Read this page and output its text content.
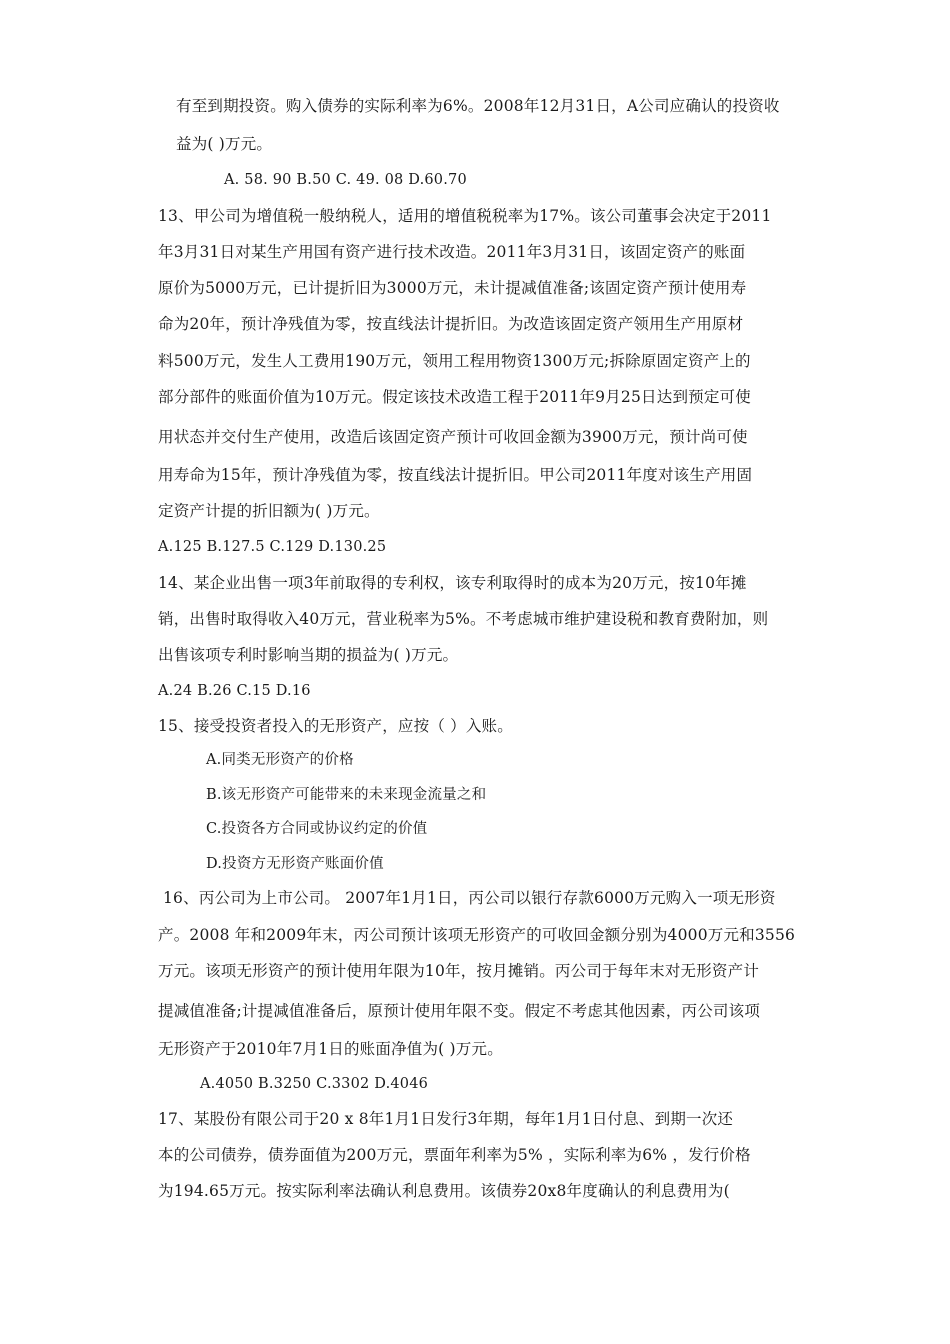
有至到期投资。购入债券的实际利率为6%。2008年12月31日，A公司应确认的投资收
益为( )万元。
A. 58. 90 B.50 C. 49. 08 D.60.70
13、甲公司为增值税一般纳税人，适用的增值税税率为17%。该公司董事会决定于2011
年3月31日对某生产用国有资产进行技术改造。2011年3月31日，该固定资产的账面
原价为5000万元，已计提折旧为3000万元，未计提减值准备;该固定资产预计使用寿
命为20年，预计净残值为零，按直线法计提折旧。为改造该固定资产领用生产用原材
料500万元，发生人工费用190万元，领用工程用物资1300万元;拆除原固定资产上的
部分部件的账面价值为10万元。假定该技术改造工程于2011年9月25日达到预定可使
用状态并交付生产使用，改造后该固定资产预计可收回金额为3900万元，预计尚可使
用寿命为15年，预计净残值为零，按直线法计提折旧。甲公司2011年度对该生产用固
定资产计提的折旧额为( )万元。
A.125 B.127.5 C.129 D.130.25
14、某企业出售一项3年前取得的专利权，该专利取得时的成本为20万元，按10年摊
销，出售时取得收入40万元，营业税率为5%。不考虑城市维护建设税和教育费附加，则
出售该项专利时影响当期的损益为( )万元。
A.24 B.26 C.15 D.16
15、接受投资者投入的无形资产，应按（ ）入账。
A.同类无形资产的价格
B.该无形资产可能带来的未来现金流量之和
C.投资各方合同或协议约定的价值
D.投资方无形资产账面价值
16、丙公司为上市公司。 2007年1月1日，丙公司以银行存款6000万元购入一项无形资
产。2008 年和2009年末，丙公司预计该项无形资产的可收回金额分别为4000万元和3556
万元。该项无形资产的预计使用年限为10年，按月摊销。丙公司于每年末对无形资产计
提减值准备;计提减值准备后，原预计使用年限不变。假定不考虑其他因素，丙公司该项
无形资产于2010年7月1日的账面净值为( )万元。
A.4050 B.3250 C.3302 D.4046
17、某股份有限公司于20 x 8年1月1日发行3年期，每年1月1日付息、到期一次还
本的公司债券，债券面值为200万元，票面年利率为5% ，实际利率为6% ，发行价格
为194.65万元。按实际利率法确认利息费用。该债券20x8年度确认的利息费用为(
